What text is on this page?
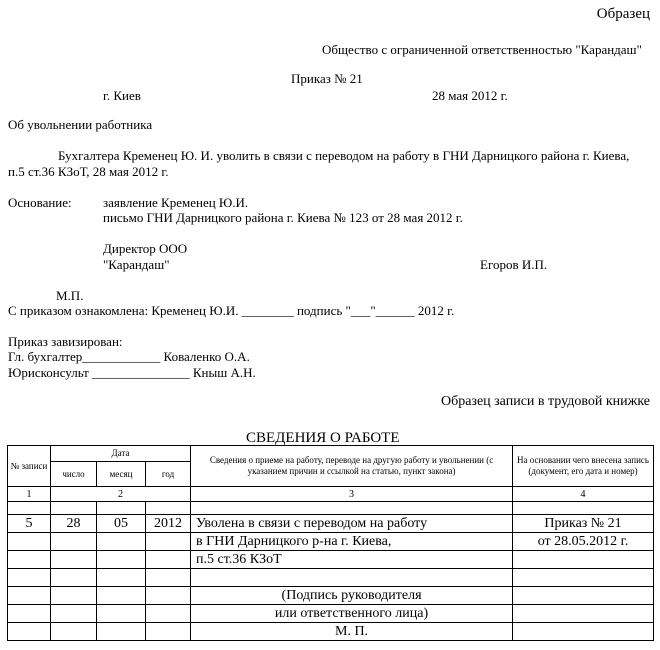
Образец
Общество с ограниченной ответственностью "Карандаш"
Приказ № 21
г. Киев	28 мая 2012 г.
Об увольнении работника
Бухгалтера Кременец Ю. И. уволить в связи с переводом на работу в ГНИ Дарницкого района г. Киева,
п.5 ст.36 КЗоТ, 28 мая 2012 г.
Основание: заявление Кременец Ю.И.
письмо ГНИ Дарницкого района г. Киева № 123 от 28 мая 2012 г.
Директор ООО
"Карандаш"	Егоров И.П.
М.П.
С приказом ознакомлена: Кременец Ю.И. ________ подпись "___"______ 2012 г.
Приказ завизирован:
Гл. бухгалтер____________ Коваленко О.А.
Юрисконсульт _______________ Кныш А.Н.
Образец записи в трудовой книжке
СВЕДЕНИЯ О РАБОТЕ
№ записи	Дата			Сведения о приеме на работу, переводе на другую работу и увольнении (с указанием причин и ссылкой на статью, пункт закона)	На основании чего внесена запись (документ, его дата и номер)
	число	месяц	год		
1	2			3	4

5	28	05	2012	Уволена в связи с переводом на работу	Приказ № 21
				в ГНИ Дарницкого р-на г. Киева,	от 28.05.2012 г.
				п.5 ст.36 КЗоТ	

				(Подпись руководителя	
				или ответственного лица)	
				М. П.	
